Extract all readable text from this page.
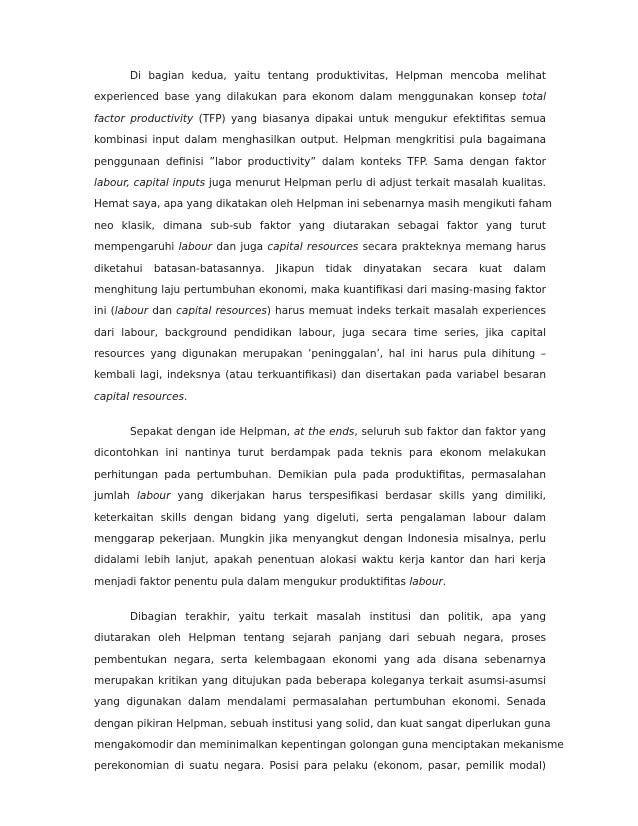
Di bagian kedua, yaitu tentang produktivitas, Helpman mencoba melihat
experienced base yang dilakukan para ekonom dalam menggunakan konsep total
factor productivity (TFP) yang biasanya dipakai untuk mengukur efektifitas semua
kombinasi input dalam menghasilkan output. Helpman mengkritisi pula bagaimana
penggunaan definisi ”labor productivity” dalam konteks TFP. Sama dengan faktor
labour, capital inputs juga menurut Helpman perlu di adjust terkait masalah kualitas.
Hemat saya, apa yang dikatakan oleh Helpman ini sebenarnya masih mengikuti faham
neo klasik, dimana sub-sub faktor yang diutarakan sebagai faktor yang turut
mempengaruhi labour dan juga capital resources secara prakteknya memang harus
diketahui batasan-batasannya. Jikapun tidak dinyatakan secara kuat dalam
menghitung laju pertumbuhan ekonomi, maka kuantifikasi dari masing-masing faktor
ini (labour dan capital resources) harus memuat indeks terkait masalah experiences
dari labour, background pendidikan labour, juga secara time series, jika capital
resources yang digunakan merupakan ’peninggalan’, hal ini harus pula dihitung –
kembali lagi, indeksnya (atau terkuantifikasi) dan disertakan pada variabel besaran
capital resources.
Sepakat dengan ide Helpman, at the ends, seluruh sub faktor dan faktor yang
dicontohkan ini nantinya turut berdampak pada teknis para ekonom melakukan
perhitungan pada pertumbuhan. Demikian pula pada produktifitas, permasalahan
jumlah labour yang dikerjakan harus terspesifikasi berdasar skills yang dimiliki,
keterkaitan skills dengan bidang yang digeluti, serta pengalaman labour dalam
menggarap pekerjaan. Mungkin jika menyangkut dengan Indonesia misalnya, perlu
didalami lebih lanjut, apakah penentuan alokasi waktu kerja kantor dan hari kerja
menjadi faktor penentu pula dalam mengukur produktifitas labour.
Dibagian terakhir, yaitu terkait masalah institusi dan politik, apa yang
diutarakan oleh Helpman tentang sejarah panjang dari sebuah negara, proses
pembentukan negara, serta kelembagaan ekonomi yang ada disana sebenarnya
merupakan kritikan yang ditujukan pada beberapa koleganya terkait asumsi-asumsi
yang digunakan dalam mendalami permasalahan pertumbuhan ekonomi. Senada
dengan pikiran Helpman, sebuah institusi yang solid, dan kuat sangat diperlukan guna
mengakomodir dan meminimalkan kepentingan golongan guna menciptakan mekanisme
perekonomian di suatu negara. Posisi para pelaku (ekonom, pasar, pemilik modal)
